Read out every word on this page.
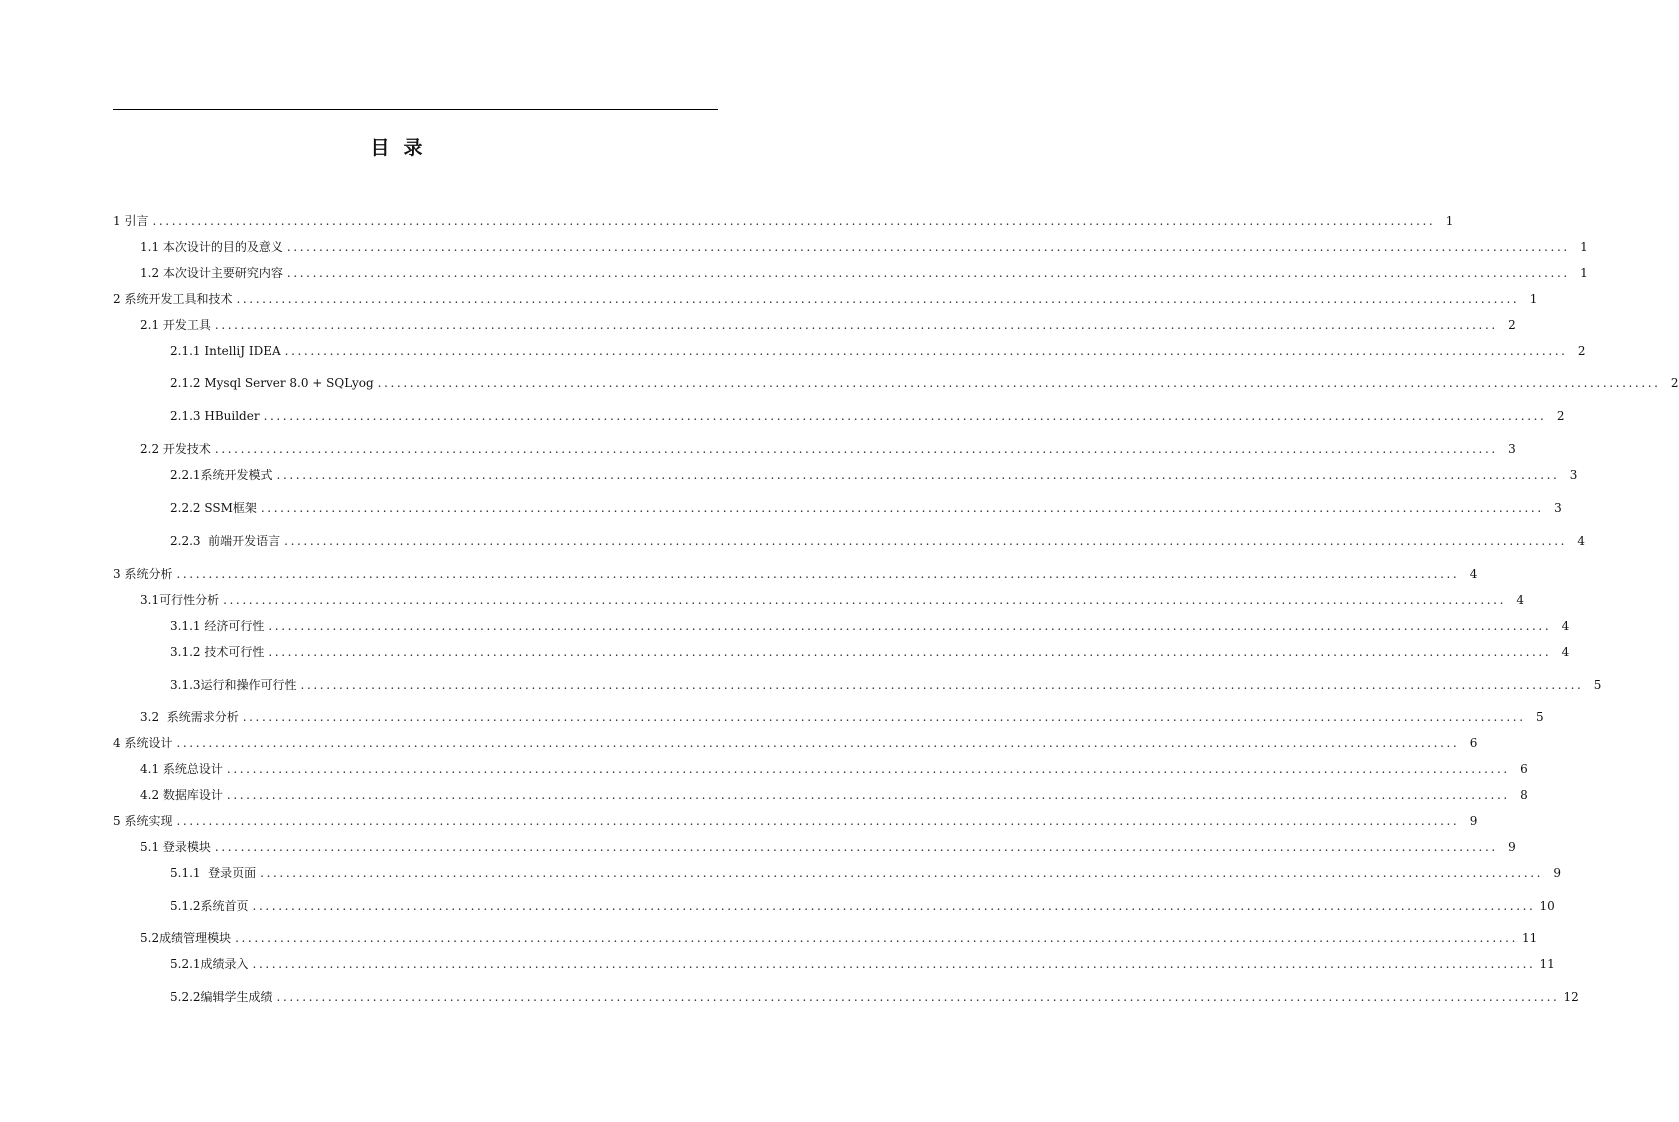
目录
1 引言 ........................................................................................................................................................................................................ 1
1.1 本次设计的目的及意义 ........................................................................................................................................................................................................ 1
1.2 本次设计主要研究内容 ........................................................................................................................................................................................................ 1
2 系统开发工具和技术 ........................................................................................................................................................................................................ 1
2.1 开发工具 ........................................................................................................................................................................................................ 2
2.1.1 IntelliJ IDEA ........................................................................................................................................................................................................ 2
2.1.2 Mysql Server 8.0 + SQLyog ........................................................................................................................................................................................................ 2
2.1.3 HBuilder ........................................................................................................................................................................................................ 2
2.2 开发技术 ........................................................................................................................................................................................................ 3
2.2.1系统开发模式 ........................................................................................................................................................................................................ 3
2.2.2 SSM框架 ........................................................................................................................................................................................................ 3
2.2.3  前端开发语言 ........................................................................................................................................................................................................ 4
3 系统分析 ........................................................................................................................................................................................................ 4
3.1可行性分析 ........................................................................................................................................................................................................ 4
3.1.1 经济可行性 ........................................................................................................................................................................................................ 4
3.1.2 技术可行性 ........................................................................................................................................................................................................ 4
3.1.3运行和操作可行性 ........................................................................................................................................................................................................ 5
3.2  系统需求分析 ........................................................................................................................................................................................................ 5
4 系统设计 ........................................................................................................................................................................................................ 6
4.1 系统总设计 ........................................................................................................................................................................................................ 6
4.2 数据库设计 ........................................................................................................................................................................................................ 8
5 系统实现 ........................................................................................................................................................................................................ 9
5.1 登录模块 ........................................................................................................................................................................................................ 9
5.1.1  登录页面 ........................................................................................................................................................................................................ 9
5.1.2系统首页 ........................................................................................................................................................................................................ 10
5.2成绩管理模块 ........................................................................................................................................................................................................ 11
5.2.1成绩录入 ........................................................................................................................................................................................................ 11
5.2.2编辑学生成绩 ........................................................................................................................................................................................................ 12
